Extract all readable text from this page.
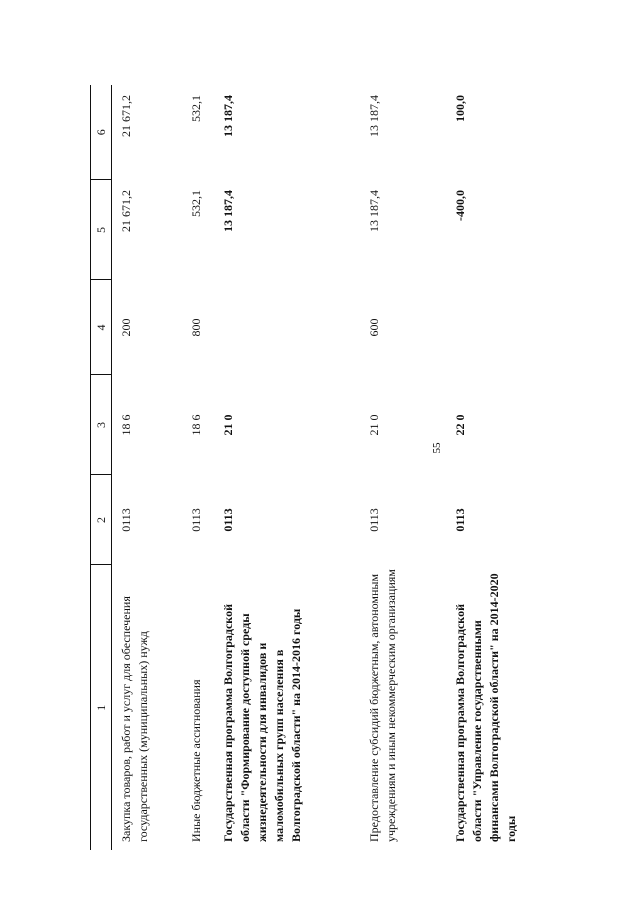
55
1	2	3	4	5	6
Закупка товаров, работ и услуг для обеспечения государственных (муниципальных) нужд	0113	18 6	200	21 671,2	21 671,2
Иные бюджетные ассигнования	0113	18 6	800	532,1	532,1
Государственная программа Волгоградской области "Формирование доступной среды жизнедеятельности для инвалидов и маломобильных групп населения в Волгоградской области" на 2014-2016 годы	0113	21 0		13 187,4	13 187,4
Предоставление субсидий бюджетным, автономным учреждениям и иным некоммерческим организациям	0113	21 0	600	13 187,4	13 187,4
Государственная программа Волгоградской области "Управление государственными финансами Волгоградской области" на 2014-2020 годы	0113	22 0		-400,0	100,0
